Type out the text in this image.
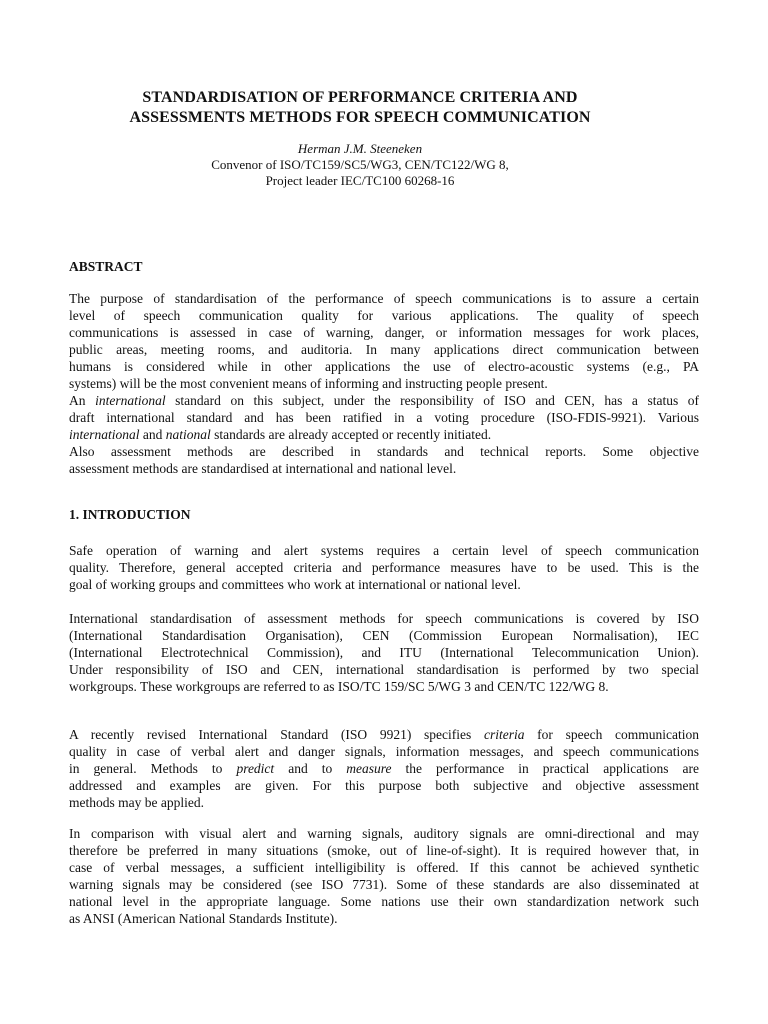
STANDARDISATION OF PERFORMANCE CRITERIA AND
ASSESSMENTS METHODS FOR SPEECH COMMUNICATION
Herman J.M. Steeneken
Convenor of ISO/TC159/SC5/WG3, CEN/TC122/WG 8,
Project leader IEC/TC100 60268-16
ABSTRACT
The purpose of standardisation of the performance of speech communications is to assure a certain
level of speech communication quality for various applications. The quality of speech
communications is assessed in case of warning, danger, or information messages for work places,
public areas, meeting rooms, and auditoria. In many applications direct communication between
humans is considered while in other applications the use of electro-acoustic systems (e.g., PA
systems) will be the most convenient means of informing and instructing people present.
An international standard on this subject, under the responsibility of ISO and CEN, has a status of
draft international standard and has been ratified in a voting procedure (ISO-FDIS-9921). Various
international and national standards are already accepted or recently initiated.
Also assessment methods are described in standards and technical reports. Some objective
assessment methods are standardised at international and national level.
1. INTRODUCTION
Safe operation of warning and alert systems requires a certain level of speech communication
quality. Therefore, general accepted criteria and performance measures have to be used. This is the
goal of working groups and committees who work at international or national level.
International standardisation of assessment methods for speech communications is covered by ISO
(International Standardisation Organisation), CEN (Commission European Normalisation), IEC
(International Electrotechnical Commission), and ITU (International Telecommunication Union).
Under responsibility of ISO and CEN, international standardisation is performed by two special
workgroups. These workgroups are referred to as ISO/TC 159/SC 5/WG 3 and CEN/TC 122/WG 8.
A recently revised International Standard (ISO 9921) specifies criteria for speech communication
quality in case of verbal alert and danger signals, information messages, and speech communications
in general. Methods to predict and to measure the performance in practical applications are
addressed and examples are given. For this purpose both subjective and objective assessment
methods may be applied.
In comparison with visual alert and warning signals, auditory signals are omni-directional and may
therefore be preferred in many situations (smoke, out of line-of-sight). It is required however that, in
case of verbal messages, a sufficient intelligibility is offered. If this cannot be achieved synthetic
warning signals may be considered (see ISO 7731). Some of these standards are also disseminated at
national level in the appropriate language. Some nations use their own standardization network such
as ANSI (American National Standards Institute).
